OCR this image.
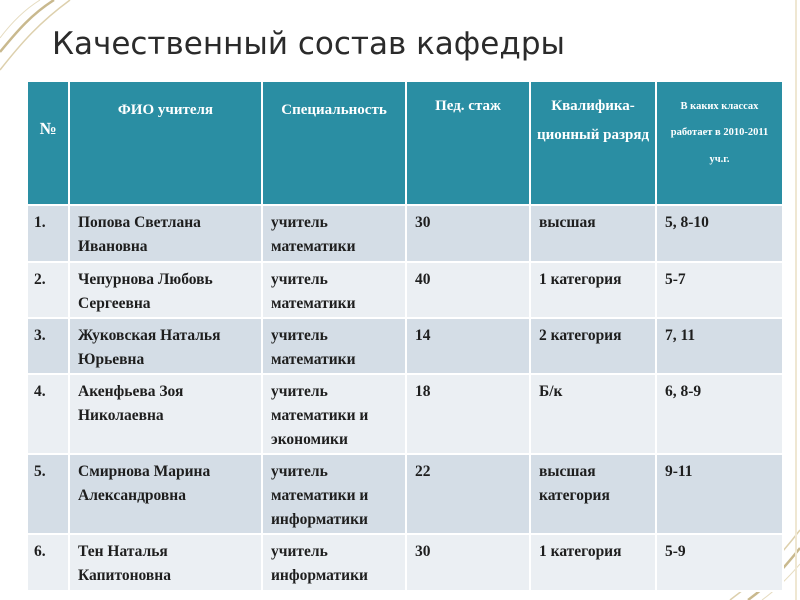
Качественный состав кафедры
№	ФИО учителя	Специальность	Пед. стаж	Квалифика- ционный разряд	В каких классах работает в 2010-2011 уч.г.
1.	Попова Светлана Ивановна	учитель математики	30	высшая	5, 8-10
2.	Чепурнова Любовь Сергеевна	учитель математики	40	1 категория	5-7
3.	Жуковская Наталья Юрьевна	учитель математики	14	2 категория	7, 11
4.	Акенфьева Зоя Николаевна	учитель математики и экономики	18	Б/к	6, 8-9
5.	Смирнова Марина Александровна	учитель математики и информатики	22	высшая категория	9-11
6.	Тен Наталья Капитоновна	учитель информатики	30	1 категория	5-9
